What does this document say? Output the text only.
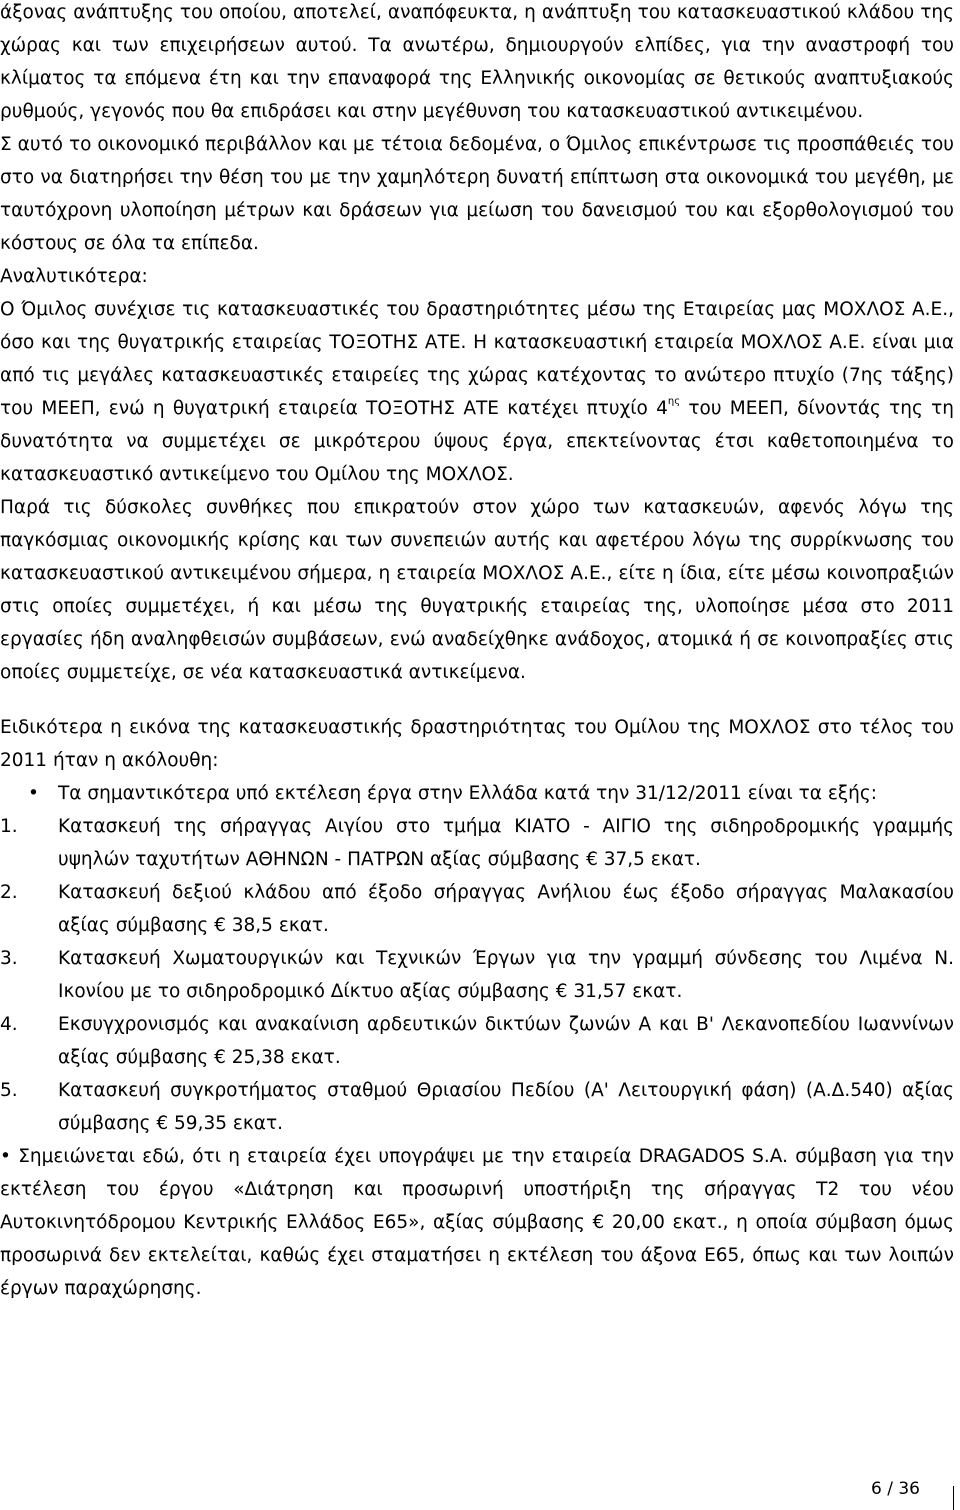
άξονας ανάπτυξης του οποίου, αποτελεί, αναπόφευκτα, η ανάπτυξη του κατασκευαστικού κλάδου της χώρας και των επιχειρήσεων αυτού. Τα ανωτέρω, δημιουργούν ελπίδες, για την αναστροφή του κλίματος τα επόμενα έτη και την επαναφορά της Ελληνικής οικονομίας σε θετικούς αναπτυξιακούς ρυθμούς, γεγονός που θα επιδράσει και στην μεγέθυνση του κατασκευαστικού αντικειμένου.

Σ αυτό το οικονομικό περιβάλλον και με τέτοια δεδομένα, ο Όμιλος επικέντρωσε τις προσπάθειές του στο να διατηρήσει την θέση του με την χαμηλότερη δυνατή επίπτωση στα οικονομικά του μεγέθη, με ταυτόχρονη υλοποίηση μέτρων και δράσεων για μείωση του δανεισμού του και εξορθολογισμού του κόστους σε όλα τα επίπεδα.

Αναλυτικότερα:

Ο Όμιλος συνέχισε τις κατασκευαστικές του δραστηριότητες μέσω της Εταιρείας μας ΜΟΧΛΟΣ Α.Ε., όσο και της θυγατρικής εταιρείας ΤΟΞΟΤΗΣ ΑΤΕ. Η κατασκευαστική εταιρεία ΜΟΧΛΟΣ Α.Ε. είναι μια από τις μεγάλες κατασκευαστικές εταιρείες της χώρας κατέχοντας το ανώτερο πτυχίο (7ης τάξης) του ΜΕΕΠ, ενώ η θυγατρική εταιρεία ΤΟΞΟΤΗΣ ΑΤΕ κατέχει πτυχίο $4^{\eta\varsigma}$ του ΜΕΕΠ, δίνοντάς της τη δυνατότητα να συμμετέχει σε μικρότερου ύψους έργα, επεκτείνοντας έτσι καθετοποιημένα το κατασκευαστικό αντικείμενο του Ομίλου της ΜΟΧΛΟΣ.

Παρά τις δύσκολες συνθήκες που επικρατούν στον χώρο των κατασκευών, αφενός λόγω της παγκόσμιας οικονομικής κρίσης και των συνεπειών αυτής και αφετέρου λόγω της συρρίκνωσης του κατασκευαστικού αντικειμένου σήμερα, η εταιρεία ΜΟΧΛΟΣ Α.Ε., είτε η ίδια, είτε μέσω κοινοπραξιών στις οποίες συμμετέχει, ή και μέσω της θυγατρικής εταιρείας της, υλοποίησε μέσα στο 2011 εργασίες ήδη αναληφθεισών συμβάσεων, ενώ αναδείχθηκε ανάδοχος, ατομικά ή σε κοινοπραξίες στις οποίες συμμετείχε, σε νέα κατασκευαστικά αντικείμενα.

Ειδικότερα η εικόνα της κατασκευαστικής δραστηριότητας του Ομίλου της ΜΟΧΛΟΣ στο τέλος του 2011 ήταν η ακόλουθη:

• Τα σημαντικότερα υπό εκτέλεση έργα στην Ελλάδα κατά την 31/12/2011 είναι τα εξής:
1. Κατασκευή της σήραγγας Αιγίου στο τμήμα ΚΙΑΤΟ - ΑΙΓΙΟ της σιδηροδρομικής γραμμής υψηλών ταχυτήτων ΑΘΗΝΩΝ - ΠΑΤΡΩΝ αξίας σύμβασης € 37,5 εκατ.
2. Κατασκευή δεξιού κλάδου από έξοδο σήραγγας Ανήλιου έως έξοδο σήραγγας Μαλακασίου αξίας σύμβασης € 38,5 εκατ.
3. Κατασκευή Χωματουργικών και Τεχνικών Έργων για την γραμμή σύνδεσης του Λιμένα Ν. Ικονίου με το σιδηροδρομικό Δίκτυο αξίας σύμβασης € 31,57 εκατ.
4. Εκσυγχρονισμός και ανακαίνιση αρδευτικών δικτύων ζωνών Α και Β' Λεκανοπεδίου Ιωαννίνων αξίας σύμβασης € 25,38 εκατ.
5. Κατασκευή συγκροτήματος σταθμού Θριασίου Πεδίου (Α' Λειτουργική φάση) (Α.Δ.540) αξίας σύμβασης € 59,35 εκατ.
• Σημειώνεται εδώ, ότι η εταιρεία έχει υπογράψει με την εταιρεία DRAGADOS S.A. σύμβαση για την εκτέλεση του έργου «Διάτρηση και προσωρινή υποστήριξη της σήραγγας Τ2 του νέου Αυτοκινητόδρομου Κεντρικής Ελλάδος Ε65», αξίας σύμβασης € 20,00 εκατ., η οποία σύμβαση όμως προσωρινά δεν εκτελείται, καθώς έχει σταματήσει η εκτέλεση του άξονα Ε65, όπως και των λοιπών έργων παραχώρησης.
6 / 36
